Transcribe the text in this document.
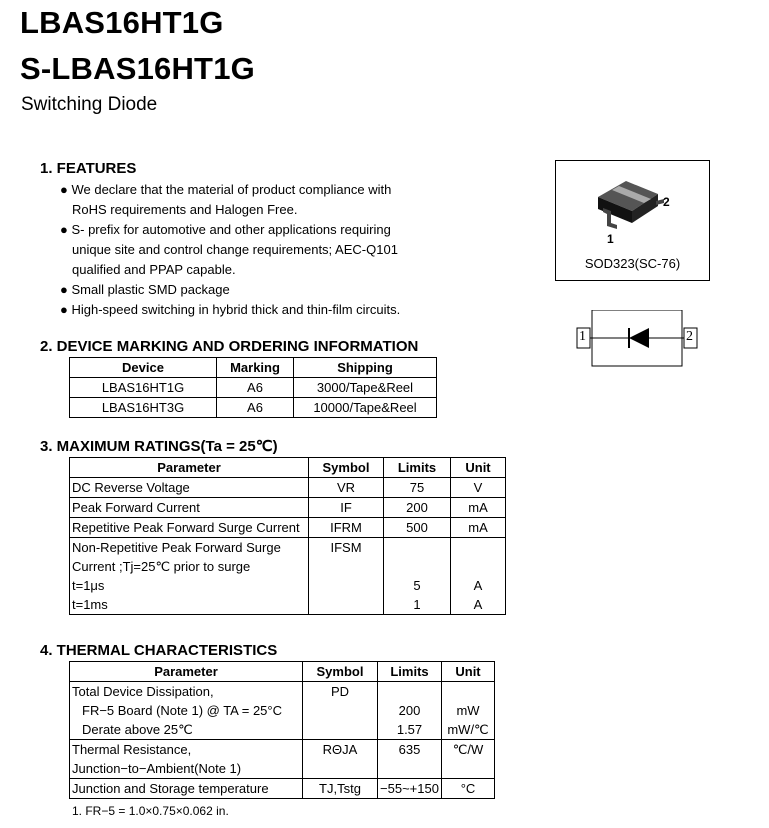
LBAS16HT1G
S-LBAS16HT1G
Switching Diode
1. FEATURES
● We declare that the material of product compliance with
RoHS requirements and Halogen Free.
● S- prefix for automotive and other applications requiring
unique site and control change requirements; AEC-Q101
qualified and PPAP capable.
● Small plastic SMD package
● High-speed switching in hybrid thick and thin-film circuits.
2
1
SOD323(SC-76)
1	2
2. DEVICE MARKING AND ORDERING INFORMATION
Device	Marking	Shipping
LBAS16HT1G	A6	3000/Tape&Reel
LBAS16HT3G	A6	10000/Tape&Reel
3. MAXIMUM RATINGS(Ta = 25℃)
Parameter	Symbol	Limits	Unit
DC Reverse Voltage	VR	75	V
Peak Forward Current	IF	200	mA
Repetitive Peak Forward Surge Current	IFRM	500	mA
Non-Repetitive Peak Forward Surge	IFSM		
Current ;Tj=25℃ prior to surge			
t=1μs		5	A
t=1ms		1	A
4. THERMAL CHARACTERISTICS
Parameter	Symbol	Limits	Unit
Total Device Dissipation,	PD		
FR−5 Board (Note 1) @ TA = 25°C		200	mW
Derate above 25℃		1.57	mW/℃
Thermal Resistance,	RΘJA	635	℃/W
Junction−to−Ambient(Note 1)			
Junction and Storage temperature	TJ,Tstg	−55~+150	°C
1. FR−5 = 1.0×0.75×0.062 in.
